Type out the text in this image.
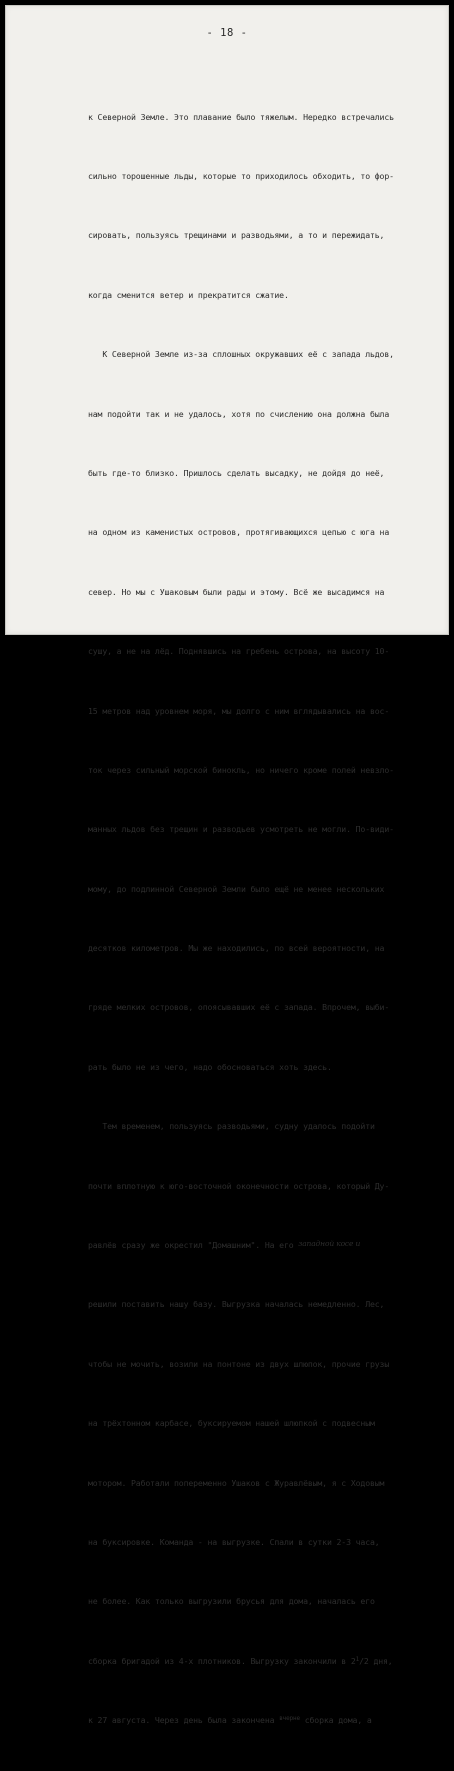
- 18 -

к Северной Земле. Это плавание было тяжелым. Нередко встречались

сильно торошенные льды, которые то приходилось обходить, то фор-

сировать, пользуясь трещинами и разводьями, а то и пережидать,

когда сменится ветер и прекратится сжатие.

К Северной Земле из-за сплошных окружавших её с запада льдов,

нам подойти так и не удалось, хотя по счислению она должна была

быть где-то близко. Пришлось сделать высадку, не дойдя до неё,

на одном из каменистых островов, протягивающихся цепью с юга на

север. Но мы с Ушаковым были рады и этому. Всё же высадимся на

сушу, а не на лёд. Поднявшись на гребень острова, на высоту 10-

15 метров над уровнем моря, мы долго с ним вглядывались на вос-

ток через сильный морской бинокль, но ничего кроме полей невзло-

манных льдов без трещин и разводьев усмотреть не могли. По-види-

мому, до подлинной Северной Земли было ещё не менее нескольких

десятков километров. Мы же находились, по всей вероятности, на

гряде мелких островов, опоясывавших её с запада. Впрочем, выби-

рать было не из чего, надо обосноваться хоть здесь.

Тем временем, пользуясь разводьями, судну удалось подойти

почти вплотную к юго-восточной оконечности острова, который Ду-

равлёв сразу же окрестил "Домашним". На его западной косе и

решили поставить нашу базу. Выгрузка началась немедленно. Лес,

чтобы не мочить, возили на понтоне из двух шлюпок, прочие грузы

на трёхтонном карбасе, буксируемом нашей шлюпкой с подвесным

мотором. Работали попеременно Ушаков с Журавлёвым, я с Ходовым

на буксировке. Команда - на выгрузке. Спали в сутки 2-3 часа,

не более. Как только выгрузили брусья для дома, началась его

сборка бригадой из 4-х плотников. Выгрузку закончили в $2^1/2$ дня,

к 27 августа. Через день была закончена $^{вчерне}$ сборка дома, а
